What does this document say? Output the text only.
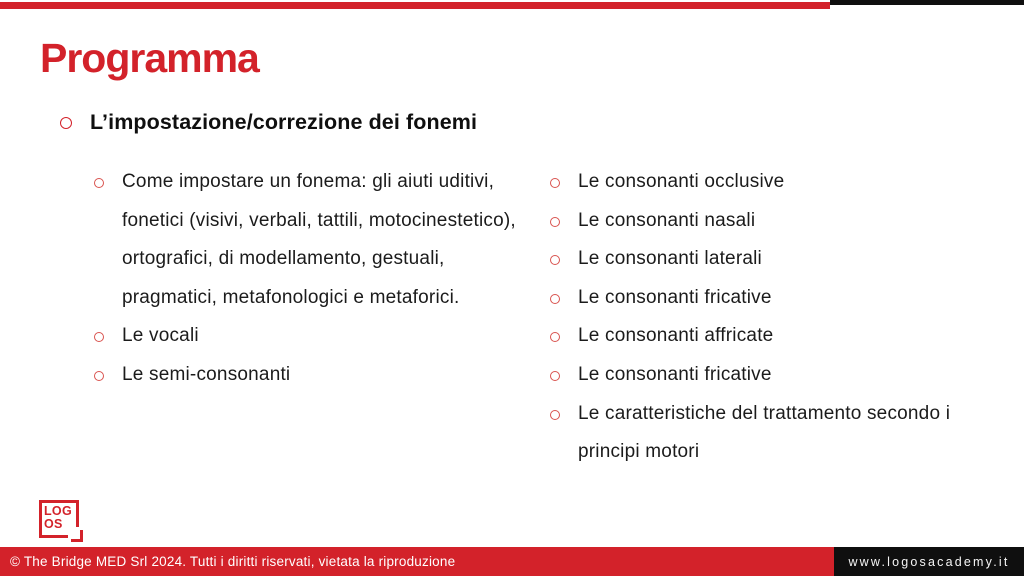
Programma
L’impostazione/correzione dei fonemi
Come impostare un fonema: gli aiuti uditivi, fonetici (visivi, verbali, tattili, motocinestetico), ortografici, di modellamento, gestuali, pragmatici, metafonologici e metaforici.
Le vocali
Le semi-consonanti
Le consonanti occlusive
Le consonanti nasali
Le consonanti laterali
Le consonanti fricative
Le consonanti affricate
Le consonanti fricative
Le caratteristiche del trattamento secondo i principi motori
LOG
OS
© The Bridge MED Srl 2024. Tutti i diritti riservati, vietata la riproduzione	www.logosacademy.it
